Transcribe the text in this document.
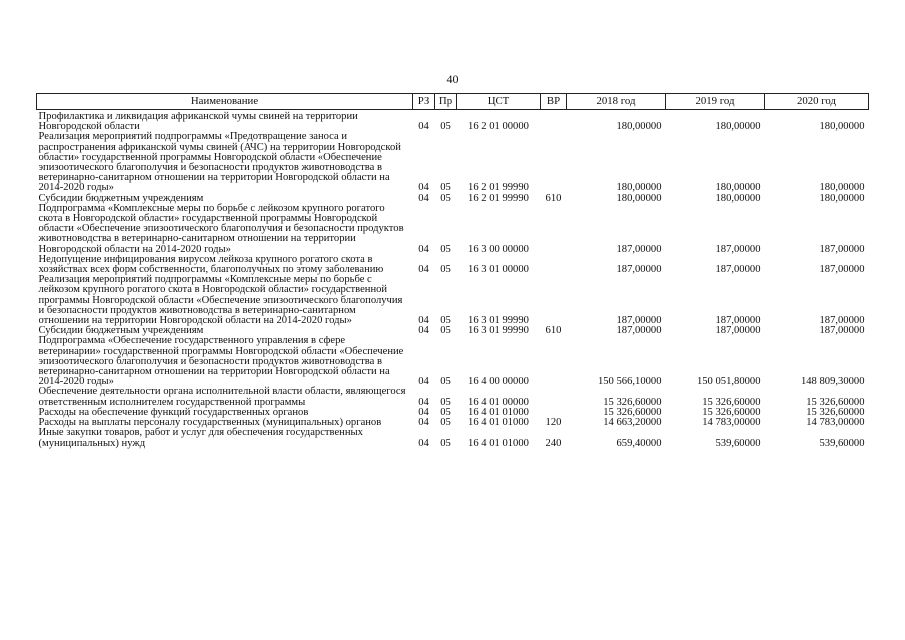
40
Наименование	РЗ	Пр	ЦСТ	ВР	2018 год	2019 год	2020 год
Профилактика и ликвидация африканской чумы свиней на территории Новгородской области	04	05	16 2 01 00000		180,00000	180,00000	180,00000
Реализация мероприятий подпрограммы «Предотвращение заноса и распространения африканской чумы свиней (АЧС) на территории Новгородской области» государственной программы Новгородской области «Обеспечение эпизоотического благополучия и безопасности продуктов животноводства в ветеринарно-санитарном отношении на территории Новгородской области на 2014-2020 годы»	04	05	16 2 01 99990		180,00000	180,00000	180,00000
Субсидии бюджетным учреждениям	04	05	16 2 01 99990	610	180,00000	180,00000	180,00000
Подпрограмма «Комплексные меры по борьбе с лейкозом крупного рогатого скота в Новгородской области» государственной программы Новгородской области «Обеспечение эпизоотического благополучия и безопасности продуктов животноводства в ветеринарно-санитарном отношении на территории Новгородской области на 2014-2020 годы»	04	05	16 3 00 00000		187,00000	187,00000	187,00000
Недопущение инфицирования вирусом лейкоза крупного рогатого скота в хозяйствах всех форм собственности, благополучных по этому заболеванию	04	05	16 3 01 00000		187,00000	187,00000	187,00000
Реализация мероприятий подпрограммы «Комплексные меры по борьбе с лейкозом крупного рогатого скота в Новгородской области» государственной программы Новгородской области «Обеспечение эпизоотического благополучия и безопасности продуктов животноводства в ветеринарно-санитарном отношении на территории Новгородской области на 2014-2020 годы»	04	05	16 3 01 99990		187,00000	187,00000	187,00000
Субсидии бюджетным учреждениям	04	05	16 3 01 99990	610	187,00000	187,00000	187,00000
Подпрограмма «Обеспечение государственного управления в сфере ветеринарии» государственной программы Новгородской области «Обеспечение эпизоотического благополучия и безопасности продуктов животноводства в ветеринарно-санитарном отношении на территории Новгородской области на 2014-2020 годы»	04	05	16 4 00 00000		150 566,10000	150 051,80000	148 809,30000
Обеспечение деятельности органа исполнительной власти области, являющегося ответственным исполнителем государственной программы	04	05	16 4 01 00000		15 326,60000	15 326,60000	15 326,60000
Расходы на обеспечение функций государственных органов	04	05	16 4 01 01000		15 326,60000	15 326,60000	15 326,60000
Расходы на выплаты персоналу государственных (муниципальных) органов	04	05	16 4 01 01000	120	14 663,20000	14 783,00000	14 783,00000
Иные закупки товаров, работ и услуг для обеспечения государственных (муниципальных) нужд	04	05	16 4 01 01000	240	659,40000	539,60000	539,60000
